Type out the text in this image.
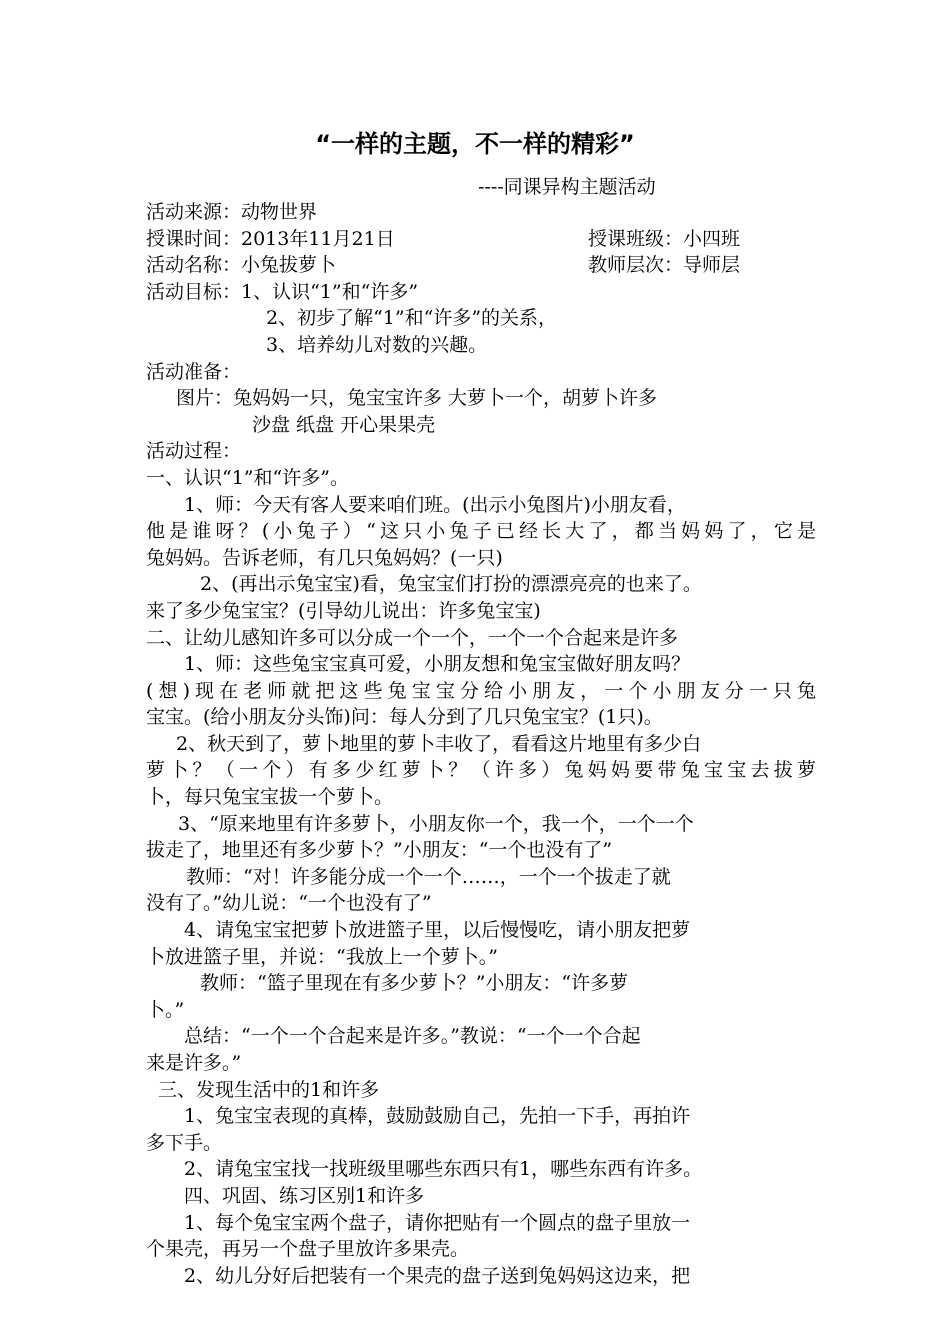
“一样的主题，不一样的精彩”
----同课异构主题活动
活动来源：动物世界
授课时间：2013年11月21日	授课班级：小四班
活动名称：小兔拔萝卜	教师层次：导师层
活动目标：1、认识“1”和“许多”
2、初步了解“1”和“许多”的关系，
3、培养幼儿对数的兴趣。
活动准备：
图片：兔妈妈一只，兔宝宝许多 大萝卜一个，胡萝卜许多
沙盘 纸盘 开心果果壳
活动过程：
一、认识“1”和“许多”。
1、师：今天有客人要来咱们班。(出示小兔图片)小朋友看，
他是谁呀？(小兔子）“这只小兔子已经长大了，都当妈妈了，它是
兔妈妈。告诉老师，有几只兔妈妈？(一只)
2、(再出示兔宝宝)看，兔宝宝们打扮的漂漂亮亮的也来了。
来了多少兔宝宝？(引导幼儿说出：许多兔宝宝)
二、让幼儿感知许多可以分成一个一个，一个一个合起来是许多
1、师：这些兔宝宝真可爱，小朋友想和兔宝宝做好朋友吗？
(想)现在老师就把这些兔宝宝分给小朋友，一个小朋友分一只兔
宝宝。(给小朋友分头饰)问：每人分到了几只兔宝宝？(1只)。
2、秋天到了，萝卜地里的萝卜丰收了，看看这片地里有多少白
萝卜？（一个）有多少红萝卜？（许多）兔妈妈要带兔宝宝去拔萝
卜，每只兔宝宝拔一个萝卜。
3、“原来地里有许多萝卜，小朋友你一个，我一个，一个一个
拔走了，地里还有多少萝卜？”小朋友：“一个也没有了”
教师：“对！许多能分成一个一个……，一个一个拔走了就
没有了。”幼儿说：“一个也没有了”
4、请兔宝宝把萝卜放进篮子里，以后慢慢吃，请小朋友把萝
卜放进篮子里，并说：“我放上一个萝卜。”
教师：“篮子里现在有多少萝卜？”小朋友：“许多萝
卜。”
总结：“一个一个合起来是许多。”教说：“一个一个合起
来是许多。”
三、发现生活中的1和许多
1、兔宝宝表现的真棒，鼓励鼓励自己，先拍一下手，再拍许
多下手。
2、请兔宝宝找一找班级里哪些东西只有1，哪些东西有许多。
四、巩固、练习区别1和许多
1、每个兔宝宝两个盘子，请你把贴有一个圆点的盘子里放一
个果壳，再另一个盘子里放许多果壳。
2、幼儿分好后把装有一个果壳的盘子送到兔妈妈这边来，把
